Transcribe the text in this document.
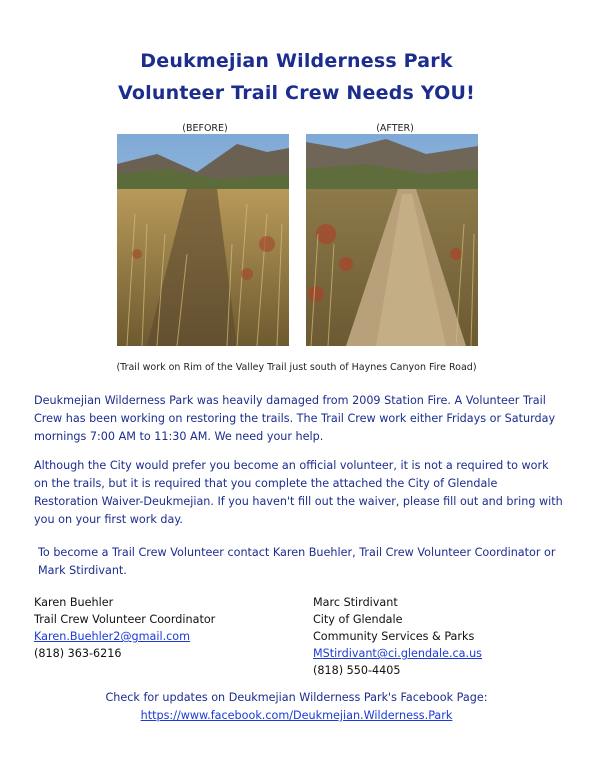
Deukmejian Wilderness Park
Volunteer Trail Crew Needs YOU!
(BEFORE)	(AFTER)
(Trail work on Rim of the Valley Trail just south of Haynes Canyon Fire Road)
Deukmejian Wilderness Park was heavily damaged from 2009 Station Fire. A Volunteer Trail Crew has been working on restoring the trails. The Trail Crew work either Fridays or Saturday mornings 7:00 AM to 11:30 AM. We need your help.
Although the City would prefer you become an official volunteer, it is not a required to work on the trails, but it is required that you complete the attached the City of Glendale Restoration Waiver-Deukmejian. If you haven't fill out the waiver, please fill out and bring with you on your first work day.
To become a Trail Crew Volunteer contact Karen Buehler, Trail Crew Volunteer Coordinator or Mark Stirdivant.
Karen Buehler
Trail Crew Volunteer Coordinator
Karen.Buehler2@gmail.com
(818) 363-6216
Marc Stirdivant
City of Glendale
Community Services & Parks
MStirdivant@ci.glendale.ca.us
(818) 550-4405
Check for updates on Deukmejian Wilderness Park's Facebook Page:
https://www.facebook.com/Deukmejian.Wilderness.Park
